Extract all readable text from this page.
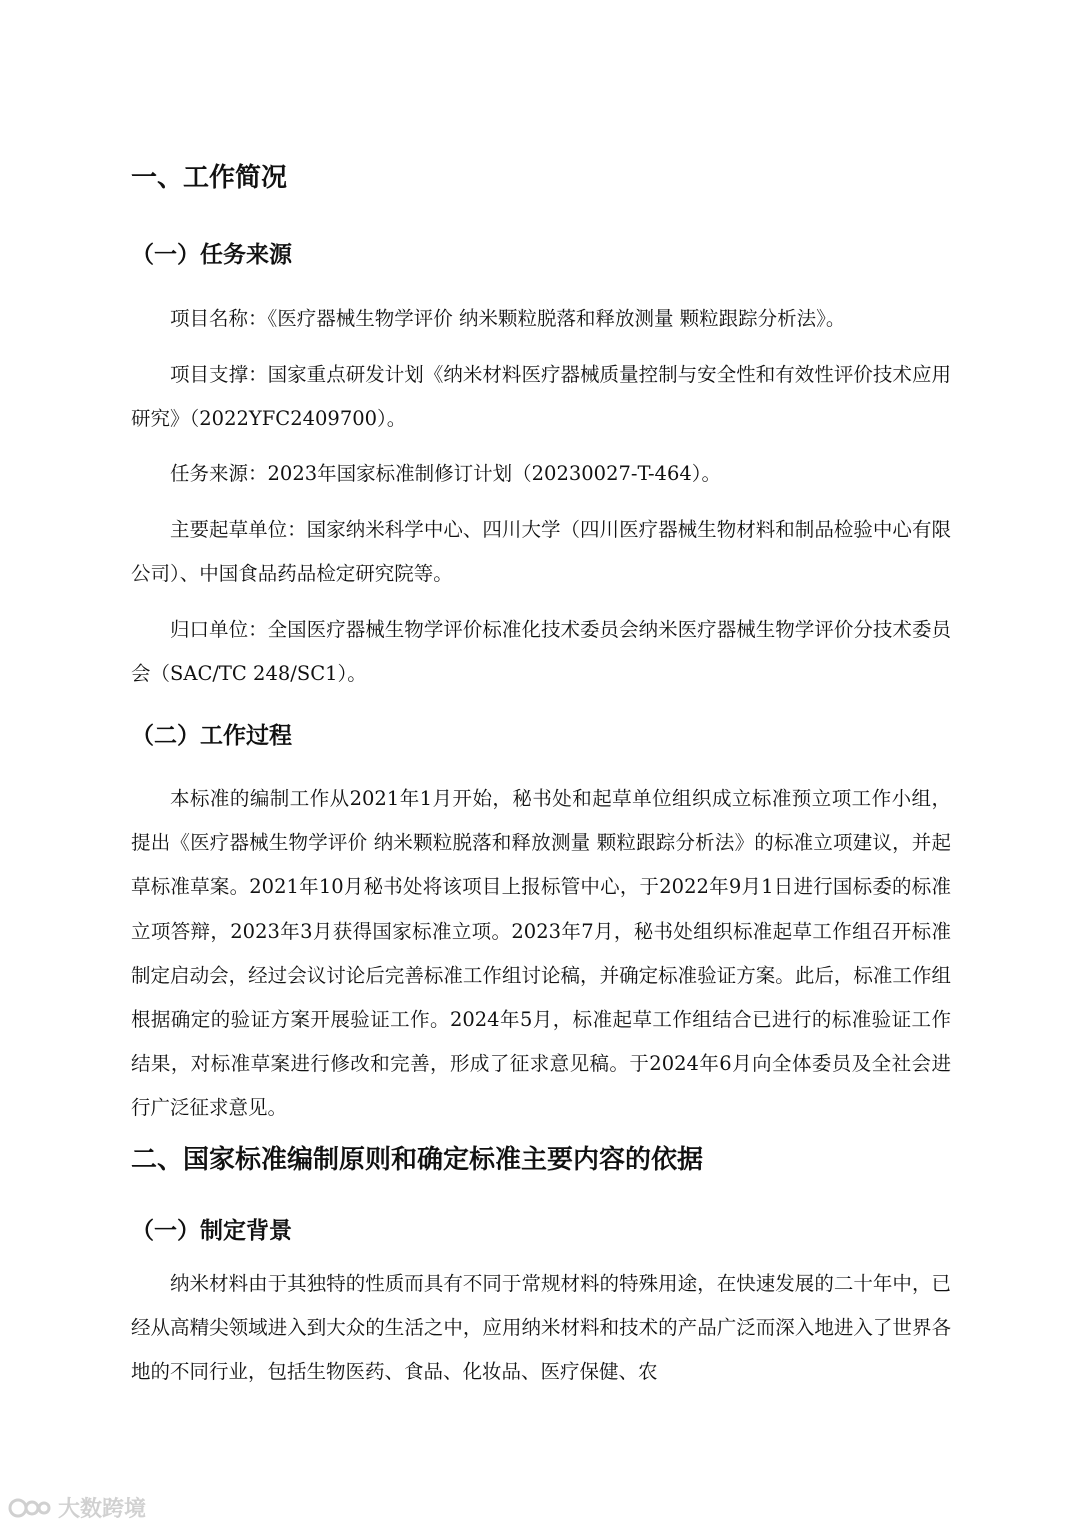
一、工作简况
（一）任务来源

项目名称：《医疗器械生物学评价 纳米颗粒脱落和释放测量 颗粒跟踪分析法》。

项目支撑：国家重点研发计划《纳米材料医疗器械质量控制与安全性和有效性评价技术应用研究》（2022YFC2409700）。

任务来源：2023年国家标准制修订计划（20230027-T-464）。

主要起草单位：国家纳米科学中心、四川大学（四川医疗器械生物材料和制品检验中心有限公司）、中国食品药品检定研究院等。

归口单位：全国医疗器械生物学评价标准化技术委员会纳米医疗器械生物学评价分技术委员会（SAC/TC 248/SC1）。

（二）工作过程

本标准的编制工作从2021年1月开始，秘书处和起草单位组织成立标准预立项工作小组，提出《医疗器械生物学评价 纳米颗粒脱落和释放测量 颗粒跟踪分析法》的标准立项建议，并起草标准草案。2021年10月秘书处将该项目上报标管中心，于2022年9月1日进行国标委的标准立项答辩，2023年3月获得国家标准立项。2023年7月，秘书处组织标准起草工作组召开标准制定启动会，经过会议讨论后完善标准工作组讨论稿，并确定标准验证方案。此后，标准工作组根据确定的验证方案开展验证工作。2024年5月，标准起草工作组结合已进行的标准验证工作结果，对标准草案进行修改和完善，形成了征求意见稿。于2024年6月向全体委员及全社会进行广泛征求意见。

二、国家标准编制原则和确定标准主要内容的依据
（一）制定背景

纳米材料由于其独特的性质而具有不同于常规材料的特殊用途，在快速发展的二十年中，已经从高精尖领域进入到大众的生活之中，应用纳米材料和技术的产品广泛而深入地进入了世界各地的不同行业，包括生物医药、食品、化妆品、医疗保健、农

大数跨境
